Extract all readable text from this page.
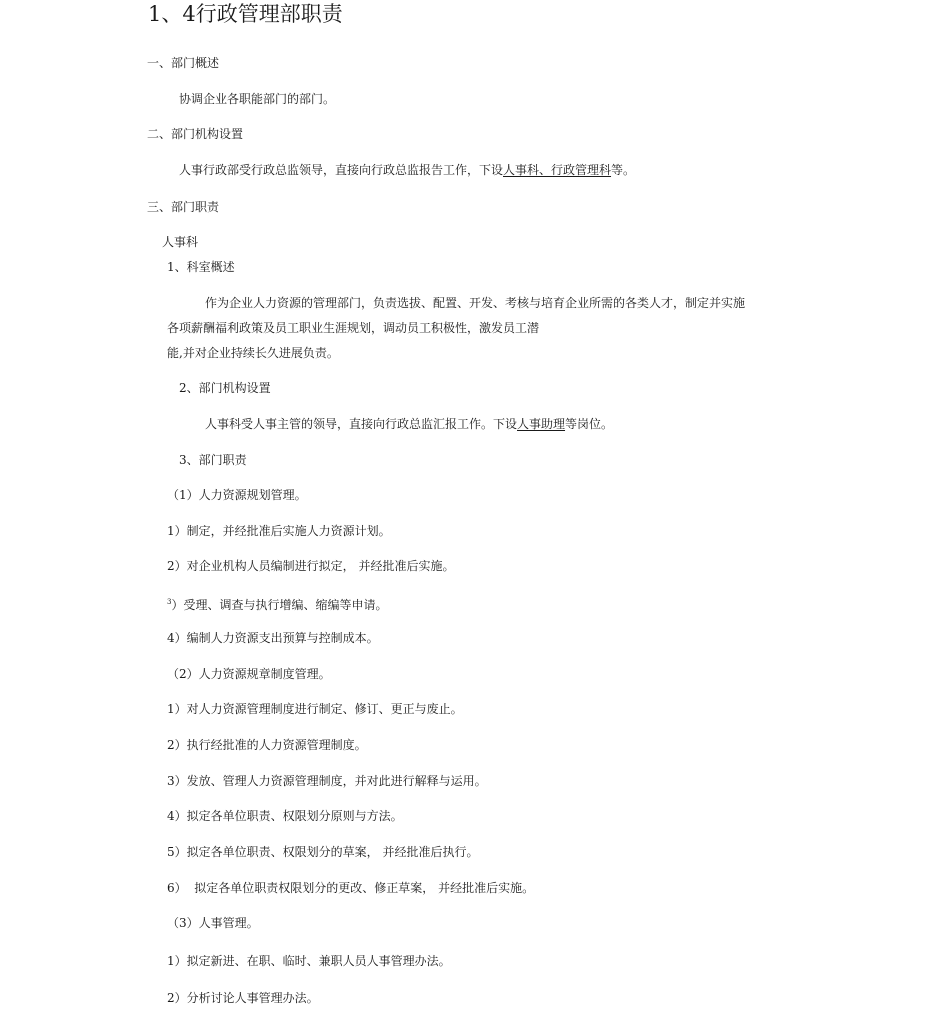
1、4行政管理部职责
一、部门概述
协调企业各职能部门的部门。
二、部门机构设置
人事行政部受行政总监领导，直接向行政总监报告工作，下设人事科、行政管理科等。
三、部门职责
人事科
1、科室概述
作为企业人力资源的管理部门，负责选拔、配置、开发、考核与培育企业所需的各类人才，制定并实施
各项薪酬福利政策及员工职业生涯规划，调动员工积极性，激发员工潜
能,并对企业持续长久进展负责。
2、部门机构设置
人事科受人事主管的领导，直接向行政总监汇报工作。下设人事助理等岗位。
3、部门职责
（1）人力资源规划管理。
1）制定，并经批准后实施人力资源计划。
2）对企业机构人员编制进行拟定， 并经批准后实施。
$^3$）受理、调查与执行增编、缩编等申请。
4）编制人力资源支出预算与控制成本。
（2）人力资源规章制度管理。
1）对人力资源管理制度进行制定、修订、更正与废止。
2）执行经批准的人力资源管理制度。
3）发放、管理人力资源管理制度，并对此进行解释与运用。
4）拟定各单位职责、权限划分原则与方法。
5）拟定各单位职责、权限划分的草案， 并经批准后执行。
6）  拟定各单位职责权限划分的更改、修正草案， 并经批准后实施。
（3）人事管理。
1）拟定新进、在职、临时、兼职人员人事管理办法。
2）分析讨论人事管理办法。
